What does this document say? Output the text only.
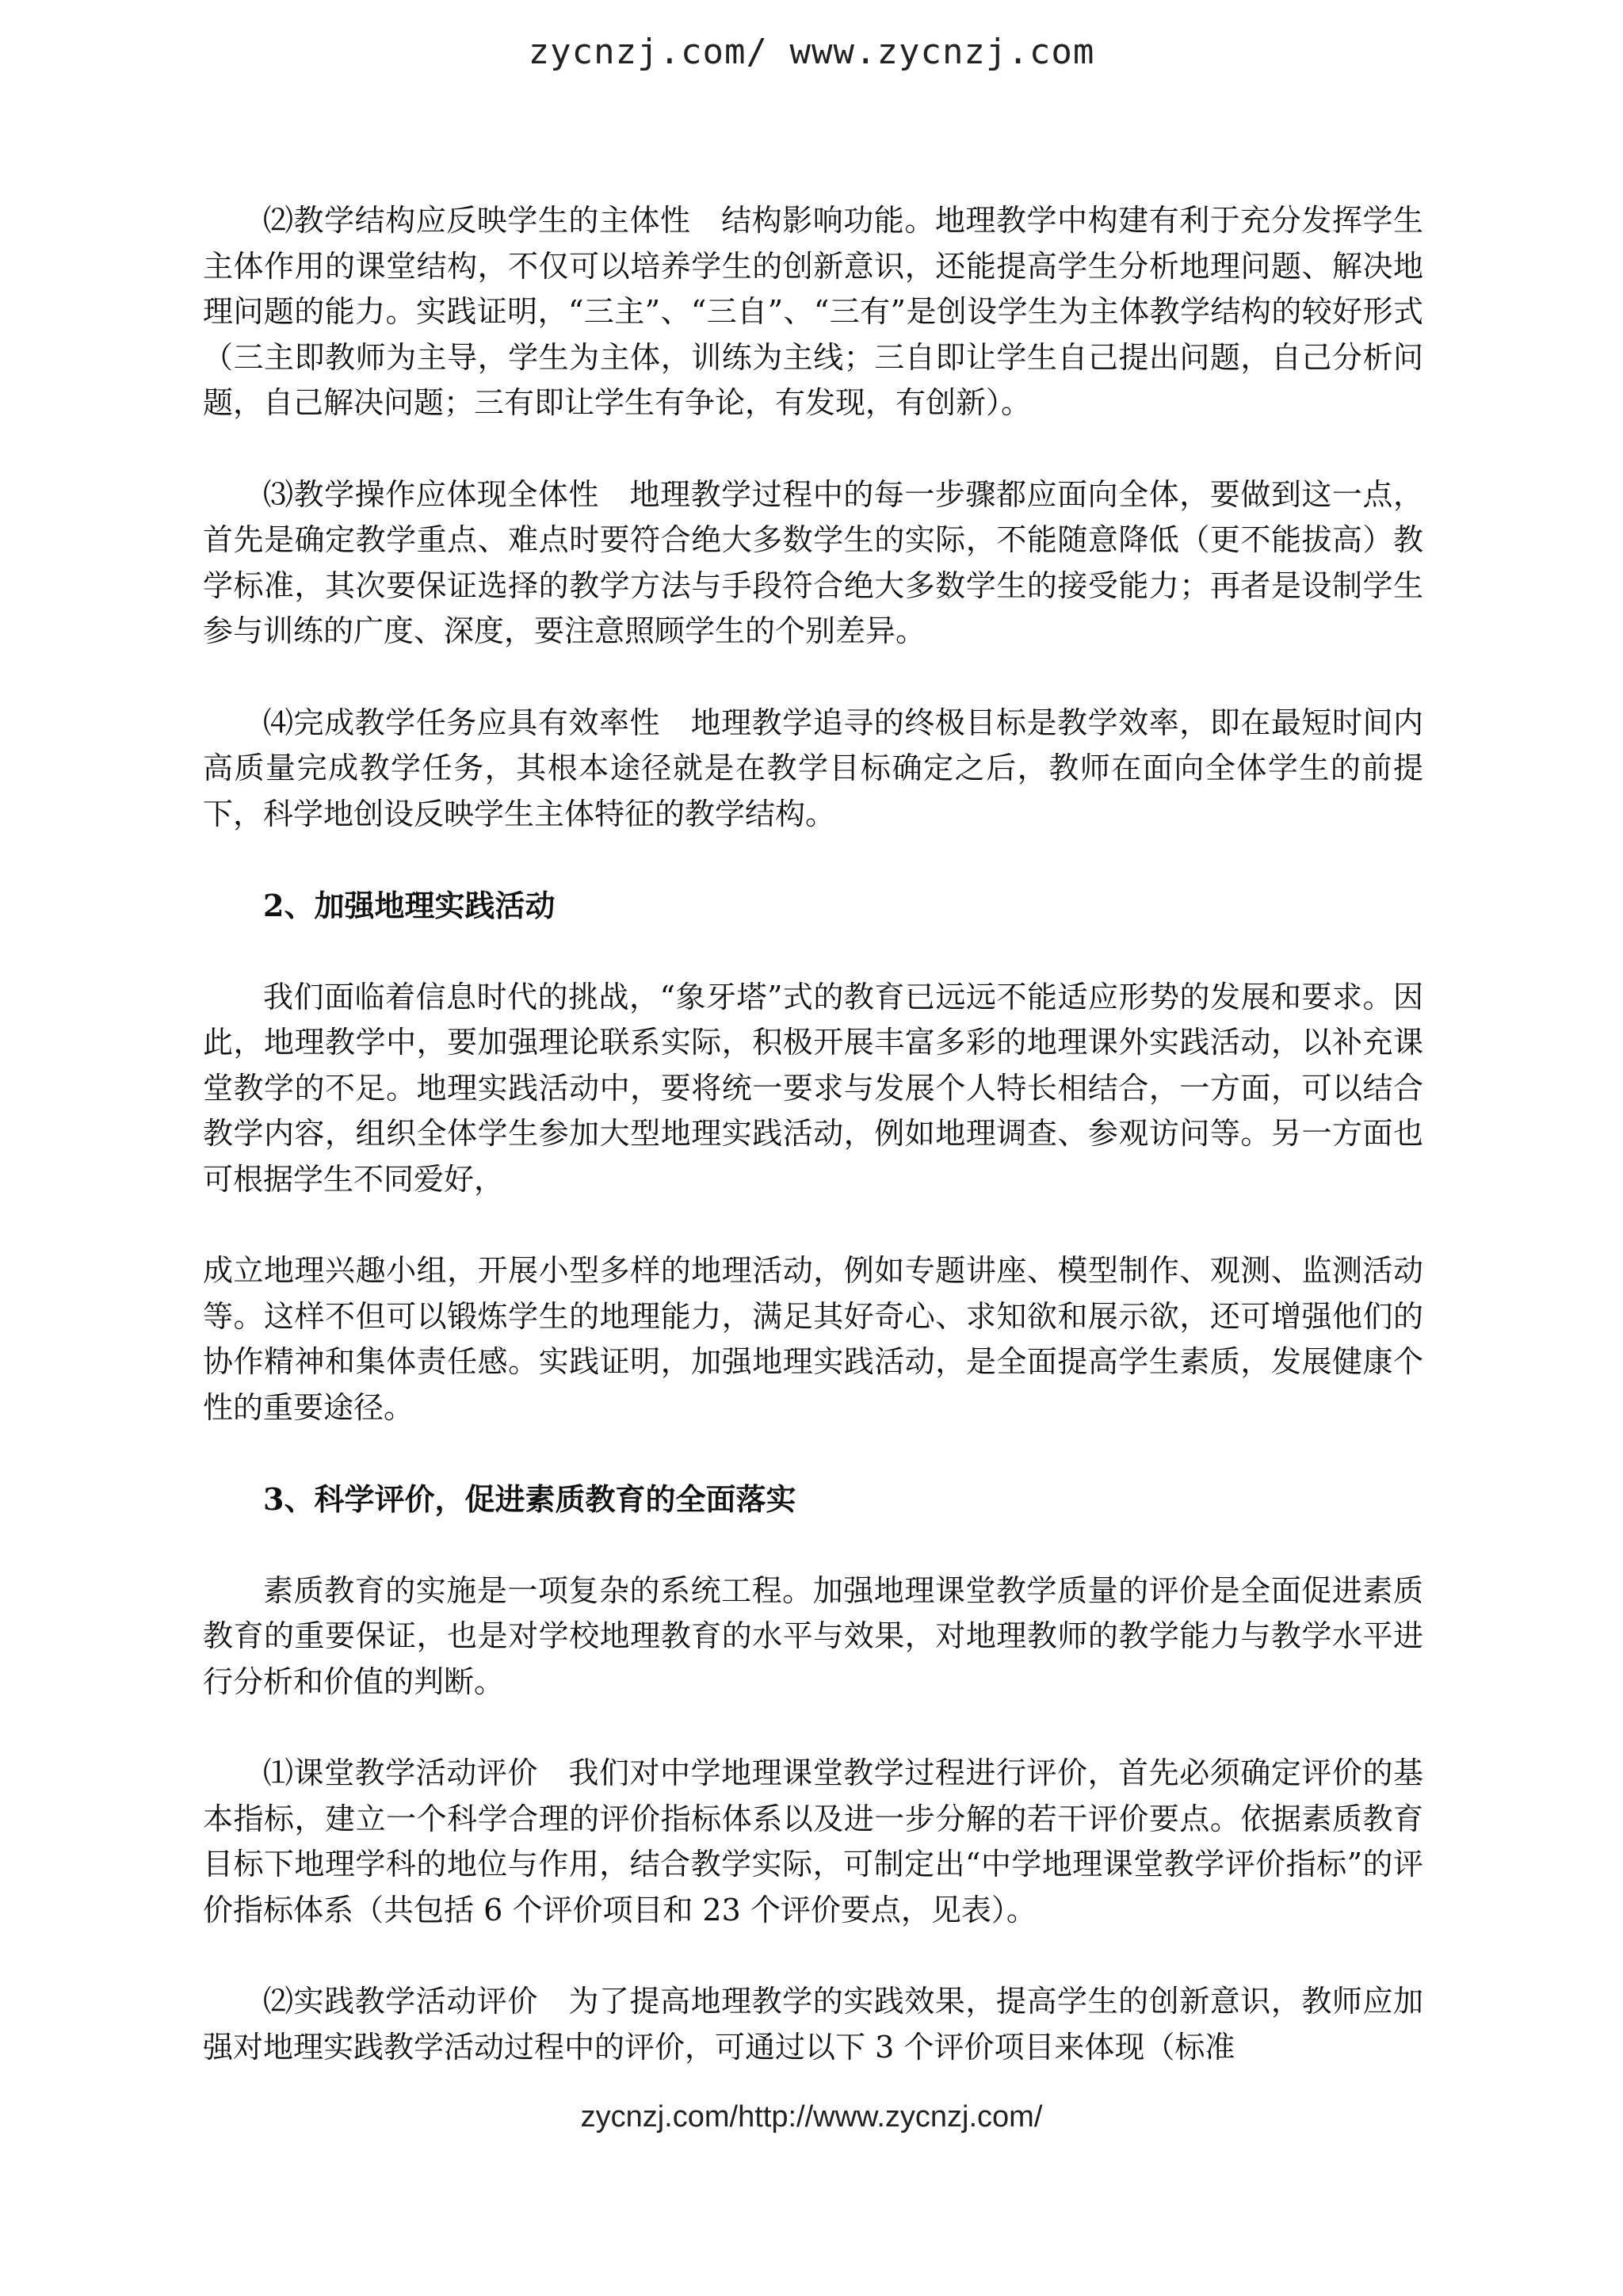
zycnzj.com/ www.zycnzj.com

⑵教学结构应反映学生的主体性　结构影响功能。地理教学中构建有利于充分发挥学生主体作用的课堂结构，不仅可以培养学生的创新意识，还能提高学生分析地理问题、解决地理问题的能力。实践证明，“三主”、“三自”、“三有”是创设学生为主体教学结构的较好形式（三主即教师为主导，学生为主体，训练为主线；三自即让学生自己提出问题，自己分析问题，自己解决问题；三有即让学生有争论，有发现，有创新）。

⑶教学操作应体现全体性　地理教学过程中的每一步骤都应面向全体，要做到这一点，首先是确定教学重点、难点时要符合绝大多数学生的实际，不能随意降低（更不能拔高）教学标准，其次要保证选择的教学方法与手段符合绝大多数学生的接受能力；再者是设制学生参与训练的广度、深度，要注意照顾学生的个别差异。

⑷完成教学任务应具有效率性　地理教学追寻的终极目标是教学效率，即在最短时间内高质量完成教学任务，其根本途径就是在教学目标确定之后，教师在面向全体学生的前提下，科学地创设反映学生主体特征的教学结构。

2、加强地理实践活动

我们面临着信息时代的挑战，“象牙塔”式的教育已远远不能适应形势的发展和要求。因此，地理教学中，要加强理论联系实际，积极开展丰富多彩的地理课外实践活动，以补充课堂教学的不足。地理实践活动中，要将统一要求与发展个人特长相结合，一方面，可以结合教学内容，组织全体学生参加大型地理实践活动，例如地理调查、参观访问等。另一方面也可根据学生不同爱好，

成立地理兴趣小组，开展小型多样的地理活动，例如专题讲座、模型制作、观测、监测活动等。这样不但可以锻炼学生的地理能力，满足其好奇心、求知欲和展示欲，还可增强他们的协作精神和集体责任感。实践证明，加强地理实践活动，是全面提高学生素质，发展健康个性的重要途径。

3、科学评价，促进素质教育的全面落实

素质教育的实施是一项复杂的系统工程。加强地理课堂教学质量的评价是全面促进素质教育的重要保证，也是对学校地理教育的水平与效果，对地理教师的教学能力与教学水平进行分析和价值的判断。

⑴课堂教学活动评价　我们对中学地理课堂教学过程进行评价，首先必须确定评价的基本指标，建立一个科学合理的评价指标体系以及进一步分解的若干评价要点。依据素质教育目标下地理学科的地位与作用，结合教学实际，可制定出“中学地理课堂教学评价指标”的评价指标体系（共包括 6 个评价项目和 23 个评价要点，见表）。

⑵实践教学活动评价　为了提高地理教学的实践效果，提高学生的创新意识，教师应加强对地理实践教学活动过程中的评价，可通过以下 3 个评价项目来体现（标准

zycnzj.com/http://www.zycnzj.com/
